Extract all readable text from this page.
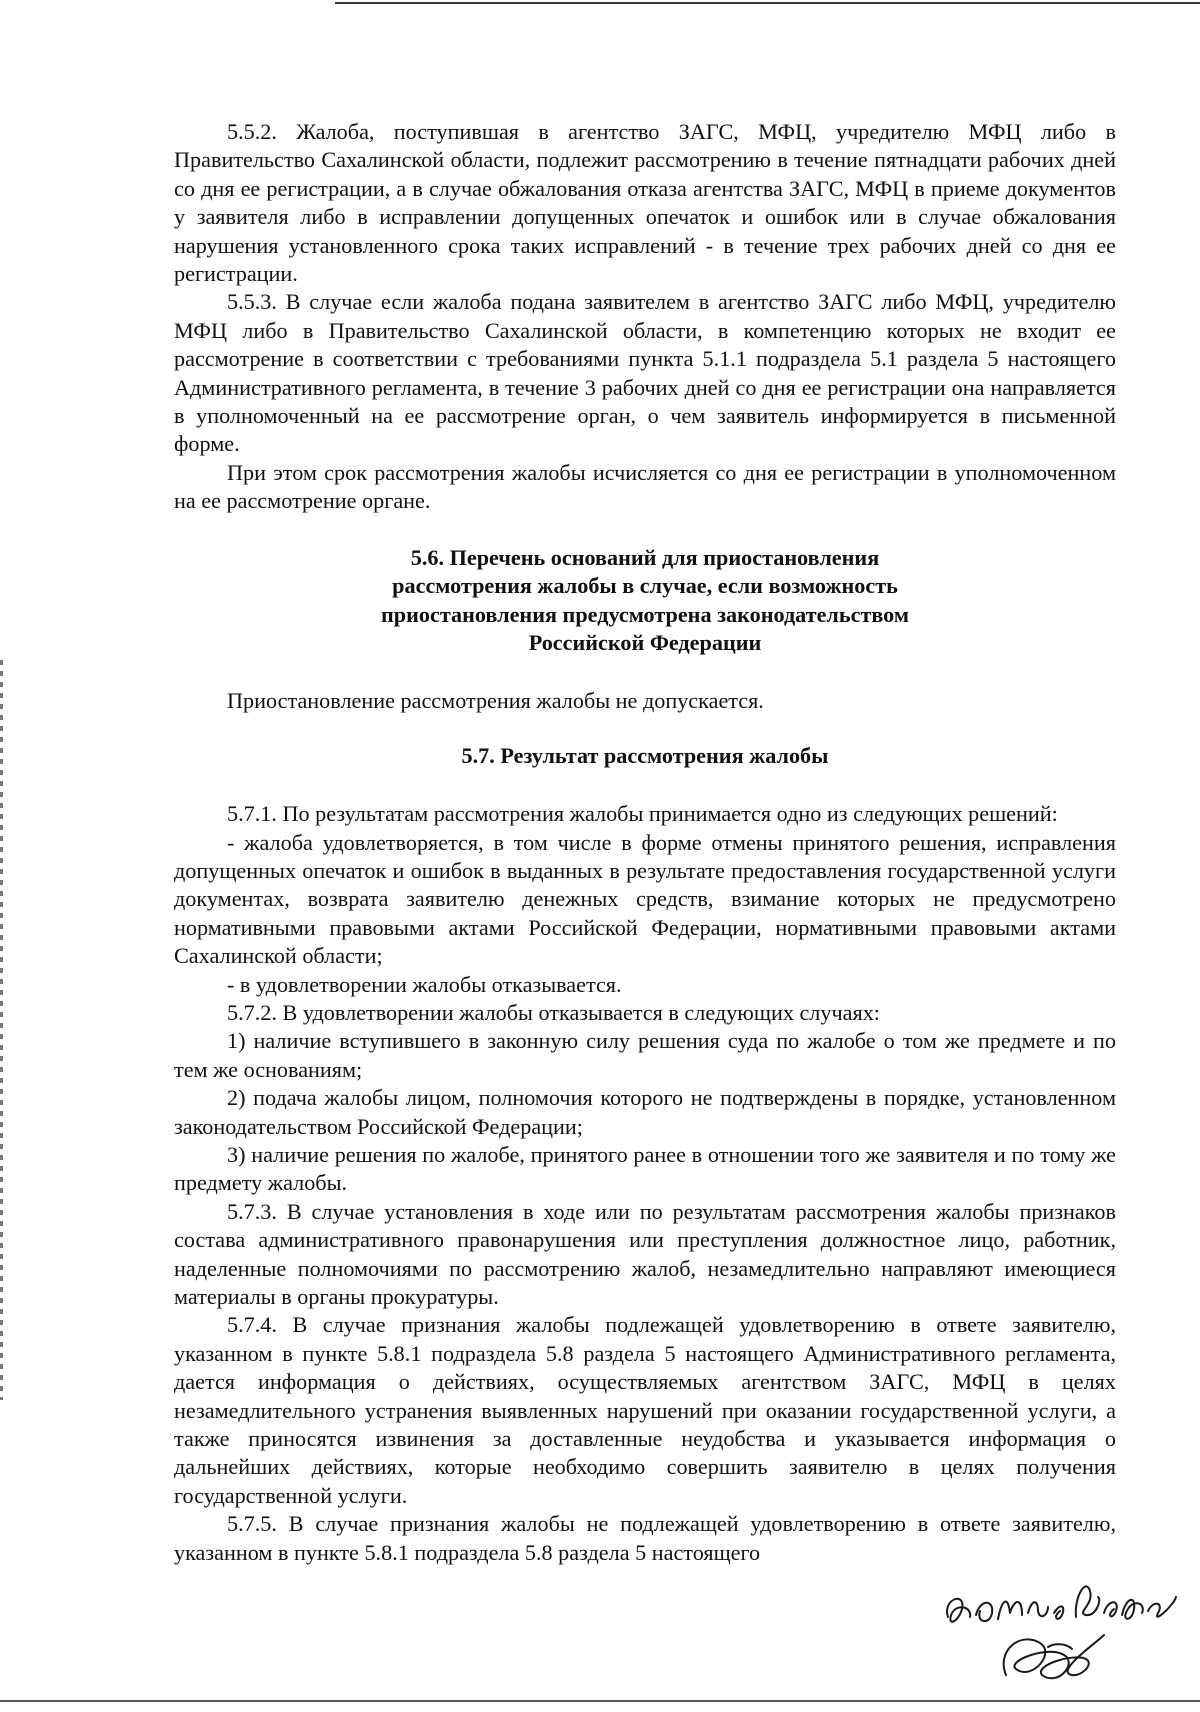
5.5.2. Жалоба, поступившая в агентство ЗАГС, МФЦ, учредителю МФЦ либо в Правительство Сахалинской области, подлежит рассмотрению в течение пятнадцати рабочих дней со дня ее регистрации, а в случае обжалования отказа агентства ЗАГС, МФЦ в приеме документов у заявителя либо в исправлении допущенных опечаток и ошибок или в случае обжалования нарушения установленного срока таких исправлений - в течение трех рабочих дней со дня ее регистрации.

5.5.3. В случае если жалоба подана заявителем в агентство ЗАГС либо МФЦ, учредителю МФЦ либо в Правительство Сахалинской области, в компетенцию которых не входит ее рассмотрение в соответствии с требованиями пункта 5.1.1 подраздела 5.1 раздела 5 настоящего Административного регламента, в течение 3 рабочих дней со дня ее регистрации она направляется в уполномоченный на ее рассмотрение орган, о чем заявитель информируется в письменной форме.

При этом срок рассмотрения жалобы исчисляется со дня ее регистрации в уполномоченном на ее рассмотрение органе.

5.6. Перечень оснований для приостановления
рассмотрения жалобы в случае, если возможность
приостановления предусмотрена законодательством
Российской Федерации

Приостановление рассмотрения жалобы не допускается.

5.7. Результат рассмотрения жалобы

5.7.1. По результатам рассмотрения жалобы принимается одно из следующих решений:

- жалоба удовлетворяется, в том числе в форме отмены принятого решения, исправления допущенных опечаток и ошибок в выданных в результате предоставления государственной услуги документах, возврата заявителю денежных средств, взимание которых не предусмотрено нормативными правовыми актами Российской Федерации, нормативными правовыми актами Сахалинской области;

- в удовлетворении жалобы отказывается.

5.7.2. В удовлетворении жалобы отказывается в следующих случаях:

1) наличие вступившего в законную силу решения суда по жалобе о том же предмете и по тем же основаниям;

2) подача жалобы лицом, полномочия которого не подтверждены в порядке, установленном законодательством Российской Федерации;

3) наличие решения по жалобе, принятого ранее в отношении того же заявителя и по тому же предмету жалобы.

5.7.3. В случае установления в ходе или по результатам рассмотрения жалобы признаков состава административного правонарушения или преступления должностное лицо, работник, наделенные полномочиями по рассмотрению жалоб, незамедлительно направляют имеющиеся материалы в органы прокуратуры.

5.7.4. В случае признания жалобы подлежащей удовлетворению в ответе заявителю, указанном в пункте 5.8.1 подраздела 5.8 раздела 5 настоящего Административного регламента, дается информация о действиях, осуществляемых агентством ЗАГС, МФЦ в целях незамедлительного устранения выявленных нарушений при оказании государственной услуги, а также приносятся извинения за доставленные неудобства и указывается информация о дальнейших действиях, которые необходимо совершить заявителю в целях получения государственной услуги.

5.7.5. В случае признания жалобы не подлежащей удовлетворению в ответе заявителю, указанном в пункте 5.8.1 подраздела 5.8 раздела 5 настоящего
